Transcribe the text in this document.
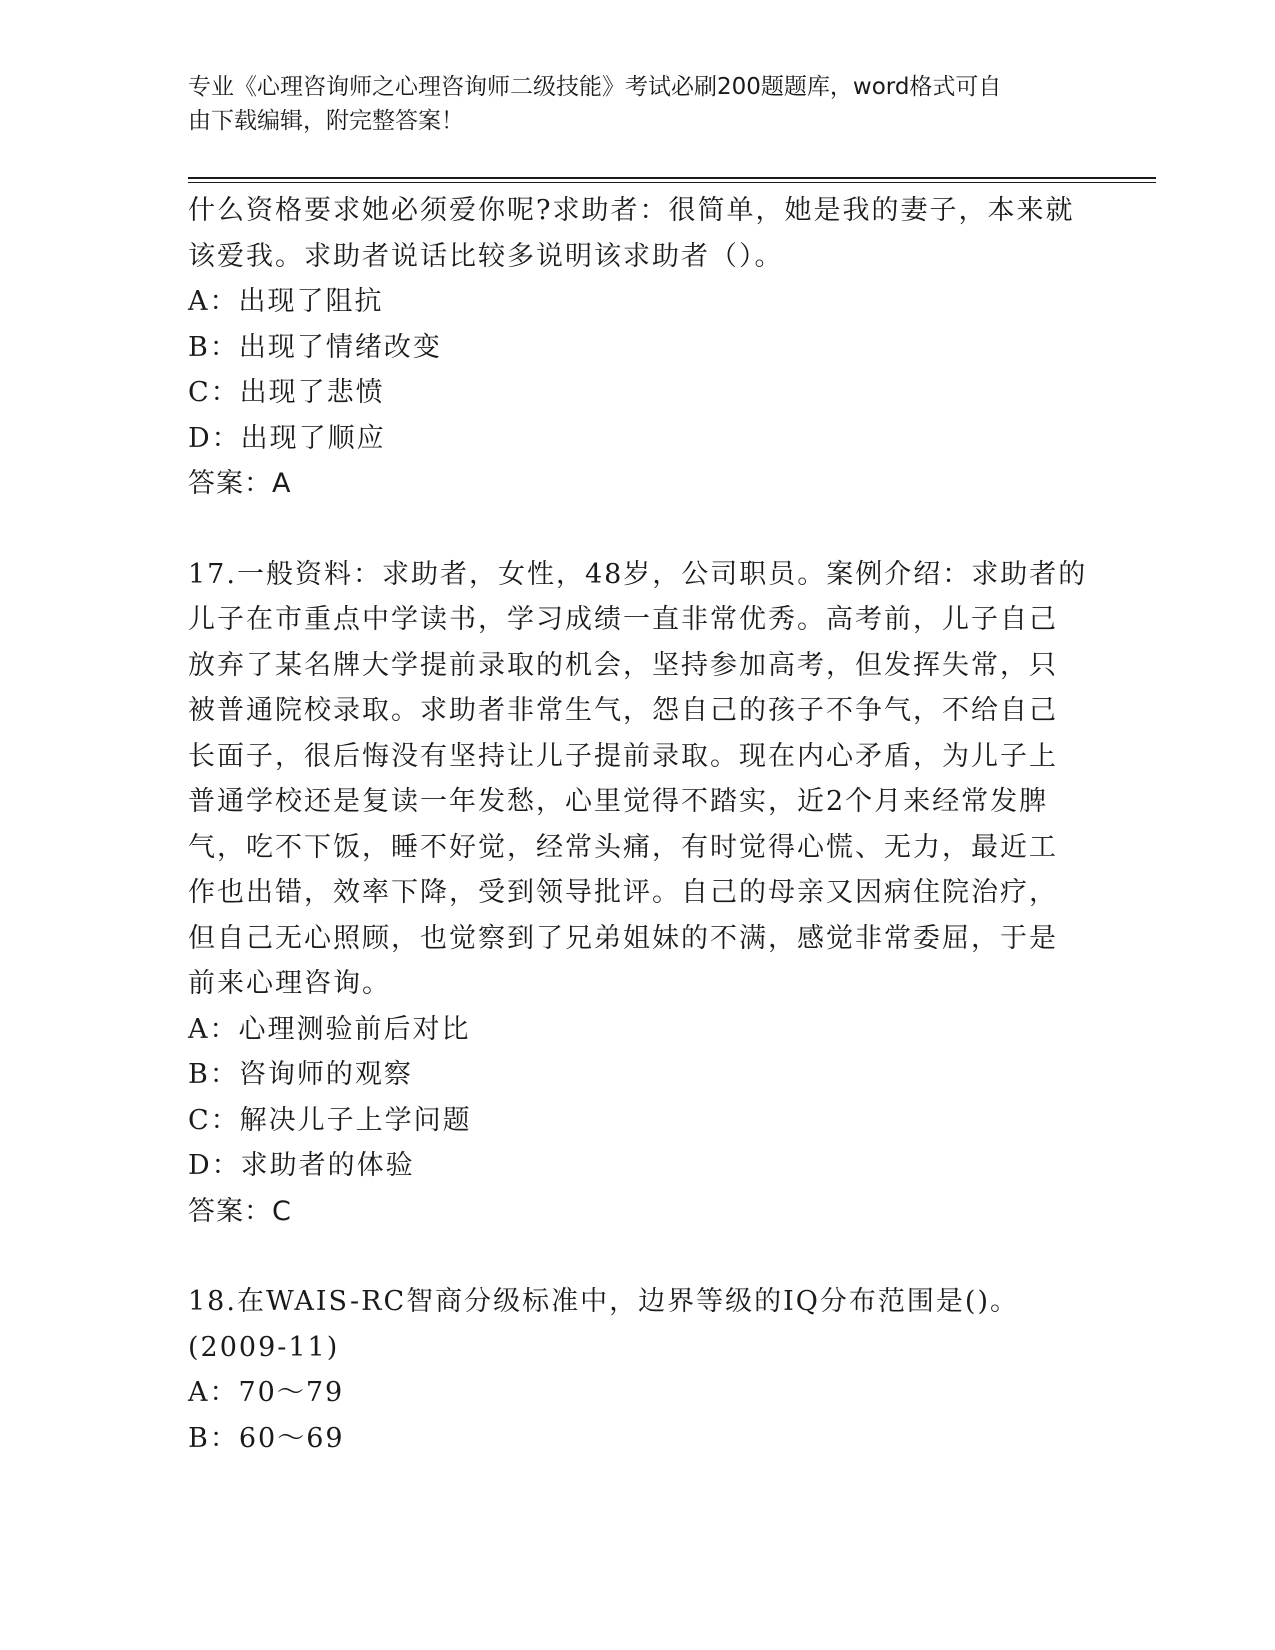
专业《心理咨询师之心理咨询师二级技能》考试必刷200题题库，word格式可自
由下载编辑，附完整答案！
什么资格要求她必须爱你呢?求助者：很简单，她是我的妻子，本来就
该爱我。求助者说话比较多说明该求助者（）。
A：出现了阻抗
B：出现了情绪改变
C：出现了悲愤
D：出现了顺应
答案：A
17.一般资料：求助者，女性，48岁，公司职员。案例介绍：求助者的
儿子在市重点中学读书，学习成绩一直非常优秀。高考前，儿子自己
放弃了某名牌大学提前录取的机会，坚持参加高考，但发挥失常，只
被普通院校录取。求助者非常生气，怨自己的孩子不争气，不给自己
长面子，很后悔没有坚持让儿子提前录取。现在内心矛盾，为儿子上
普通学校还是复读一年发愁，心里觉得不踏实，近2个月来经常发脾
气，吃不下饭，睡不好觉，经常头痛，有时觉得心慌、无力，最近工
作也出错，效率下降，受到领导批评。自己的母亲又因病住院治疗，
但自己无心照顾，也觉察到了兄弟姐妹的不满，感觉非常委屈，于是
前来心理咨询。
A：心理测验前后对比
B：咨询师的观察
C：解决儿子上学问题
D：求助者的体验
答案：C
18.在WAIS-RC智商分级标准中，边界等级的IQ分布范围是()。
(2009-11)
A：70～79
B：60～69
